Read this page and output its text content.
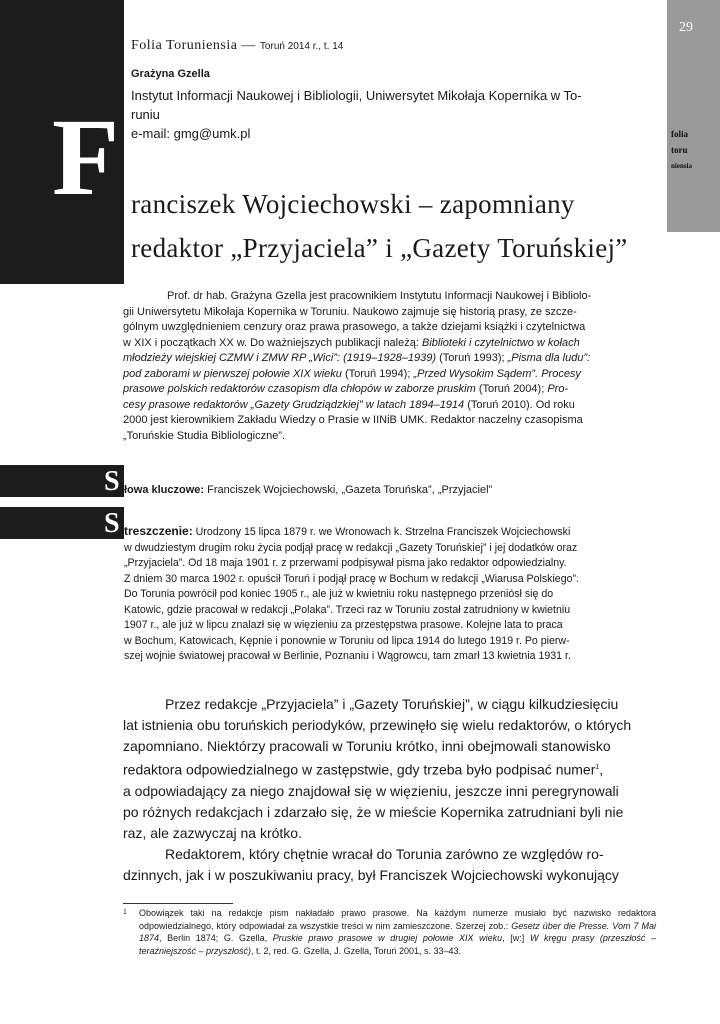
F
29
folia
toru
niensia
Folia Toruniensia — Toruń 2014 r., t. 14
Grażyna Gzella
Instytut Informacji Naukowej i Bibliologii, Uniwersytet Mikołaja Kopernika w To-
runiu
e-mail: gmg@umk.pl
ranciszek Wojciechowski – zapomniany
redaktor „Przyjaciela” i „Gazety Toruńskiej”
Prof. dr hab. Grażyna Gzella jest pracownikiem Instytutu Informacji Naukowej i Bibliolo-
gii Uniwersytetu Mikołaja Kopernika w Toruniu. Naukowo zajmuje się historią prasy, ze szcze-
gólnym uwzględnieniem cenzury oraz prawa prasowego, a także dziejami książki i czytelnictwa
w XIX i początkach XX w. Do ważniejszych publikacji należą: Biblioteki i czytelnictwo w kołach
młodzieży wiejskiej CZMW i ZMW RP „Wici”: (1919–1928–1939) (Toruń 1993); „Pisma dla ludu”:
pod zaborami w pierwszej połowie XIX wieku (Toruń 1994); „Przed Wysokim Sądem”. Procesy
prasowe polskich redaktorów czasopism dla chłopów w zaborze pruskim (Toruń 2004); Pro-
cesy prasowe redaktorów „Gazety Grudziądzkiej” w latach 1894–1914 (Toruń 2010). Od roku
2000 jest kierownikiem Zakładu Wiedzy o Prasie w IINiB UMK. Redaktor naczelny czasopisma
„Toruńskie Studia Bibliologiczne”.
S łowa kluczowe: Franciszek Wojciechowski, „Gazeta Toruńska”, „Przyjaciel”
S treszczenie: Urodzony 15 lipca 1879 r. we Wronowach k. Strzelna Franciszek Wojciechowski
w dwudziestym drugim roku życia podjął pracę w redakcji „Gazety Toruńskiej” i jej dodatków oraz
„Przyjaciela”. Od 18 maja 1901 r. z przerwami podpisywał pisma jako redaktor odpowiedzialny.
Z dniem 30 marca 1902 r. opuścił Toruń i podjął pracę w Bochum w redakcji „Wiarusa Polskiego”.
Do Torunia powrócił pod koniec 1905 r., ale już w kwietniu roku następnego przeniósł się do
Katowic, gdzie pracował w redakcji „Polaka”. Trzeci raz w Toruniu został zatrudniony w kwietniu
1907 r., ale już w lipcu znalazł się w więzieniu za przestępstwa prasowe. Kolejne lata to praca
w Bochum, Katowicach, Kępnie i ponownie w Toruniu od lipca 1914 do lutego 1919 r. Po pierw-
szej wojnie światowej pracował w Berlinie, Poznaniu i Wągrowcu, tam zmarł 13 kwietnia 1931 r.
Przez redakcje „Przyjaciela” i „Gazety Toruńskiej”, w ciągu kilkudziesięciu
lat istnienia obu toruńskich periodyków, przewinęło się wielu redaktorów, o których
zapomniano. Niektórzy pracowali w Toruniu krótko, inni obejmowali stanowisko
redaktora odpowiedzialnego w zastępstwie, gdy trzeba było podpisać numer$^1$,
a odpowiadający za niego znajdował się w więzieniu, jeszcze inni peregrynowali
po różnych redakcjach i zdarzało się, że w mieście Kopernika zatrudniani byli nie
raz, ale zazwyczaj na krótko.
Redaktorem, który chętnie wracał do Torunia zarówno ze względów ro-
dzinnych, jak i w poszukiwaniu pracy, był Franciszek Wojciechowski wykonujący
1	Obowiązek taki na redakcje pism nakładało prawo prasowe. Na każdym numerze musiało być nazwisko redaktora odpowiedzialnego, który odpowiadał za wszystkie treści w nim zamieszczone. Szerzej zob.: Gesetz über die Presse. Vom 7 Mai 1874, Berlin 1874; G. Gzella, Pruskie prawo prasowe w drugiej połowie XIX wieku, [w:] W kręgu prasy (przeszłość – teraźniejszość – przyszłość), t. 2, red. G. Gzella, J. Gzella, Toruń 2001, s. 33–43.
